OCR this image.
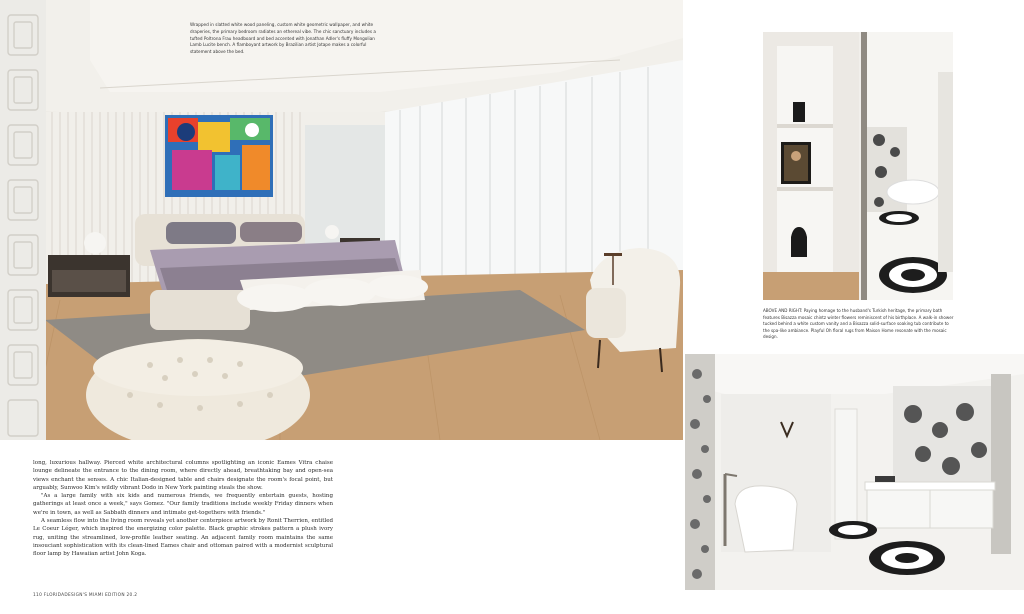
Wrapped in slatted white wood paneling, custom white geometric wallpaper, and white draperies, the primary bedroom radiates an ethereal vibe. The chic sanctuary includes a tufted Poltrona Frau headboard and bed accented with Jonathan Adler's fluffy Mongolian Lamb Lucite bench. A flamboyant artwork by Brazilian artist Jotape makes a colorful statement above the bed.
ABOVE AND RIGHT: Paying homage to the husband's Turkish heritage, the primary bath features Bisazza mosaic chintz winter flowers reminiscent of his birthplace. A walk-in shower tucked behind a white custom vanity and a Bisazza solid-surface soaking tub contribute to the spa-like ambiance. Playful Oh floral rugs from Maison Home resonate with the mosaic design.

long, luxurious hallway. Pierced white architectural columns spotlighting an iconic Eames Vitra chaise lounge delineate the entrance to the dining room, where directly ahead, breathtaking bay and open-sea views enchant the senses. A chic Italian-designed table and chairs designate the room's focal point, but arguably, Sunwoo Kim's wildly vibrant Dodo in New York painting steals the show.

"As a large family with six kids and numerous friends, we frequently entertain guests, hosting gatherings at least once a week," says Gomez. "Our family traditions include weekly Friday dinners when we're in town, as well as Sabbath dinners and intimate get-togethers with friends."

A seamless flow into the living room reveals yet another centerpiece artwork by Ronit Therrien, entitled Le Coeur Léger, which inspired the energizing color palette. Black graphic strokes pattern a plush ivory rug, uniting the streamlined, low-profile leather seating. An adjacent family room maintains the same insouciant sophistication with its clean-lined Eames chair and ottoman paired with a modernist sculptural floor lamp by Hawaiian artist John Koga.

110 FLORIDADESIGN'S MIAMI EDITION 20.2
